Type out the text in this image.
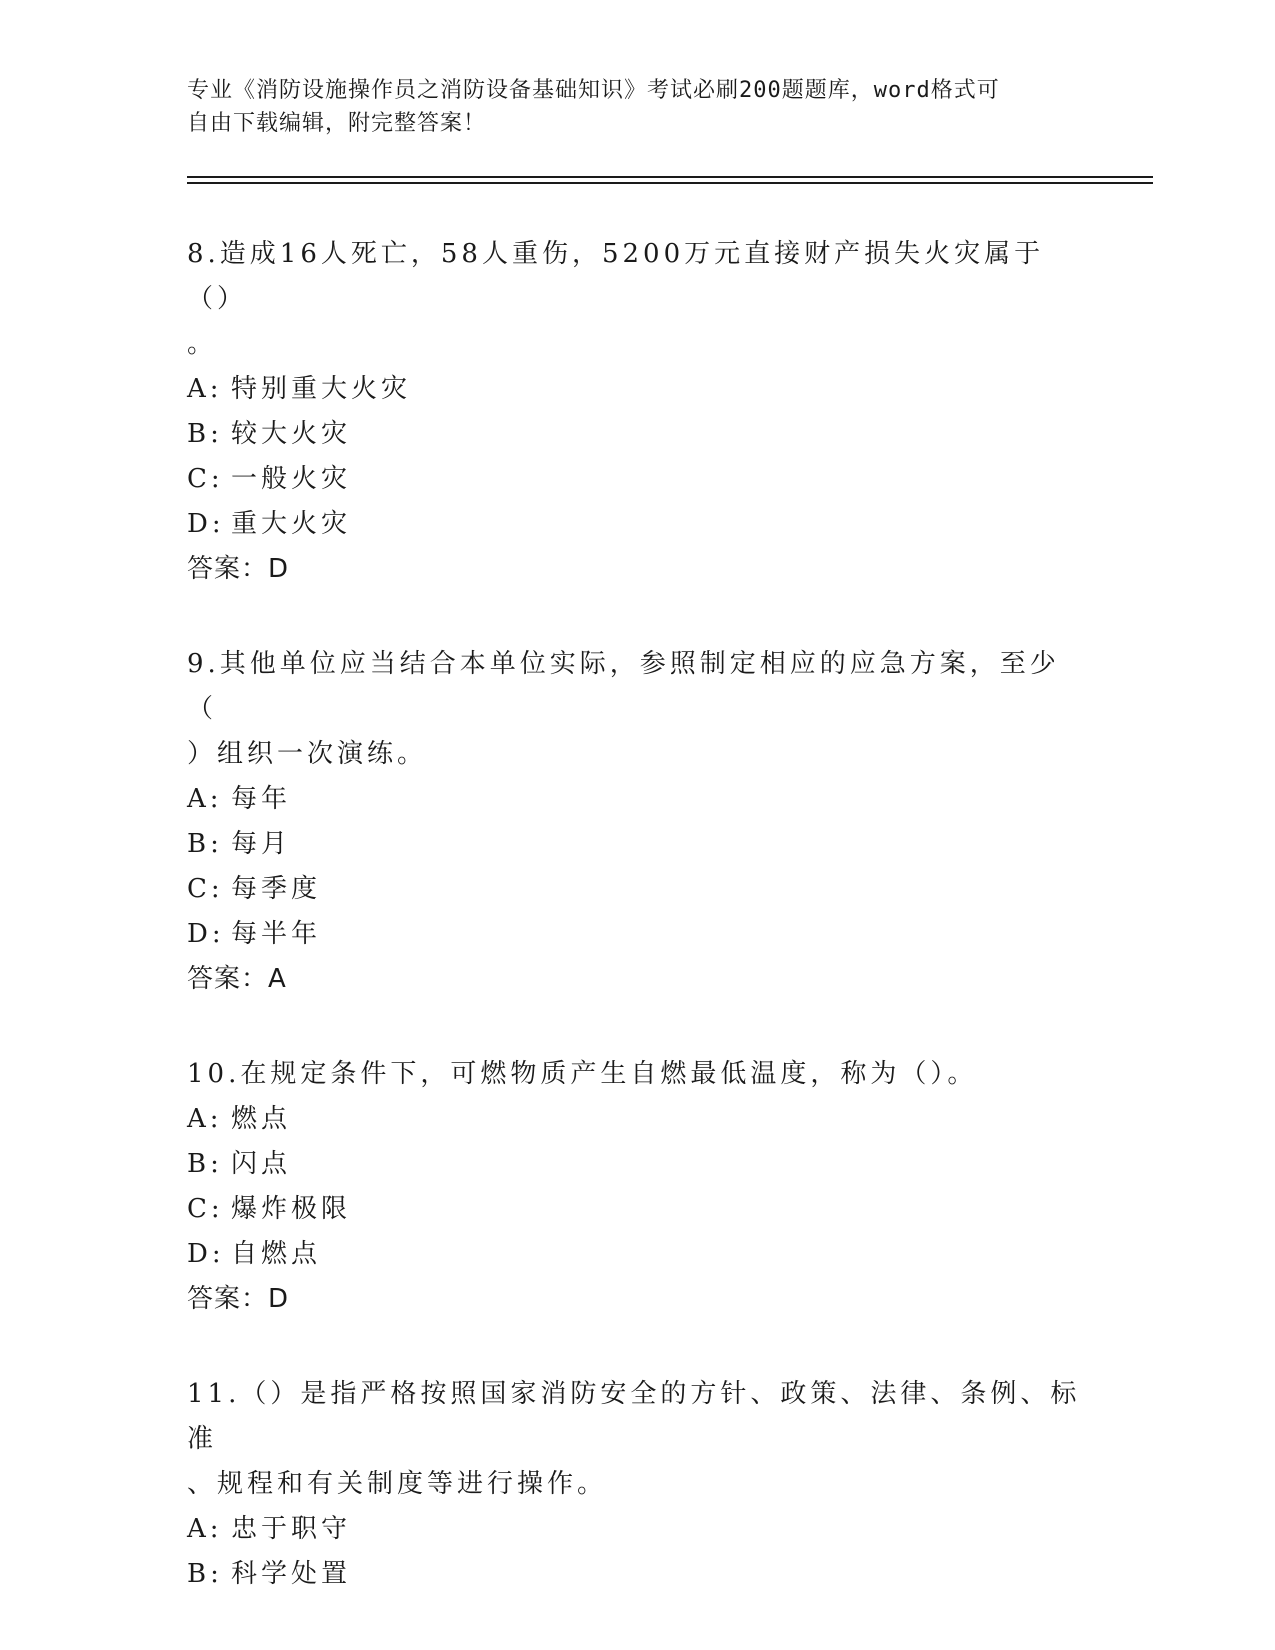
专业《消防设施操作员之消防设备基础知识》考试必刷200题题库，word格式可
自由下载编辑，附完整答案！
8.造成16人死亡，58人重伤，5200万元直接财产损失火灾属于（）
。
A: 特别重大火灾
B: 较大火灾
C: 一般火灾
D: 重大火灾
答案：D
9.其他单位应当结合本单位实际，参照制定相应的应急方案，至少（
）组织一次演练。
A: 每年
B: 每月
C: 每季度
D: 每半年
答案：A
10.在规定条件下，可燃物质产生自燃最低温度，称为（）。
A: 燃点
B: 闪点
C: 爆炸极限
D: 自燃点
答案：D
11.（）是指严格按照国家消防安全的方针、政策、法律、条例、标准
、规程和有关制度等进行操作。
A: 忠于职守
B: 科学处置
